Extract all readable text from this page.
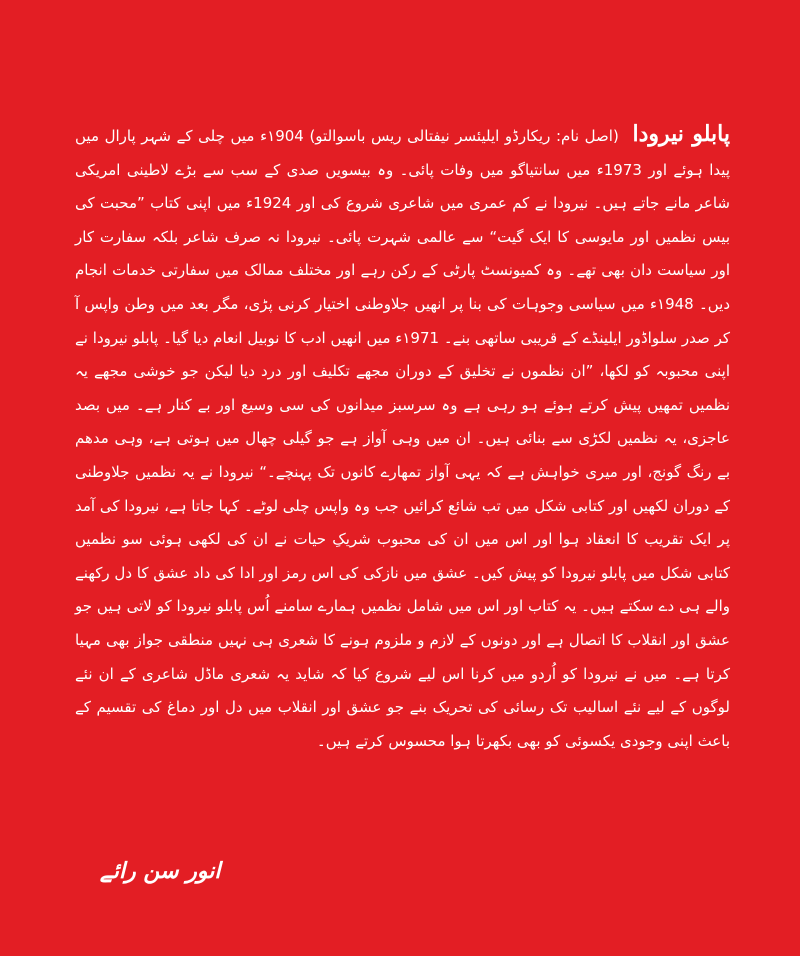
پابلو نیرودا (اصل نام: ریکارڈو ایلیئسر نیفتالی ریس باسوالتو) ۱904ء میں چلی کے شہر پارال میں پیدا ہوئے اور 1973ء میں سانتیاگو میں وفات پائی۔ وہ بیسویں صدی کے سب سے بڑے لاطینی امریکی شاعر مانے جاتے ہیں۔ نیرودا نے کم عمری میں شاعری شروع کی اور 1924ء میں اپنی کتاب ”محبت کی بیس نظمیں اور مایوسی کا ایک گیت“ سے عالمی شہرت پائی۔ نیرودا نہ صرف شاعر بلکہ سفارت کار اور سیاست دان بھی تھے۔ وہ کمیونسٹ پارٹی کے رکن رہے اور مختلف ممالک میں سفارتی خدمات انجام دیں۔ ۱948ء میں سیاسی وجوہات کی بنا پر انھیں جلاوطنی اختیار کرنی پڑی، مگر بعد میں وطن واپس آ کر صدر سلواڈور ایلینڈے کے قریبی ساتھی بنے۔ ۱971ء میں انھیں ادب کا نوبیل انعام دیا گیا۔ پابلو نیرودا نے اپنی محبوبہ کو لکھا، ”ان نظموں نے تخلیق کے دوران مجھے تکلیف اور درد دیا لیکن جو خوشی مجھے یہ نظمیں تمھیں پیش کرتے ہوئے ہو رہی ہے وہ سرسبز میدانوں کی سی وسیع اور بے کنار ہے۔ میں بصد عاجزی، یہ نظمیں لکڑی سے بنائی ہیں۔ ان میں وہی آواز ہے جو گیلی چھال میں ہوتی ہے، وہی مدھم بے رنگ گونج، اور میری خواہش ہے کہ یہی آواز تمھارے کانوں تک پہنچے۔“ نیرودا نے یہ نظمیں جلاوطنی کے دوران لکھیں اور کتابی شکل میں تب شائع کرائیں جب وہ واپس چلی لوٹے۔ کہا جاتا ہے، نیرودا کی آمد پر ایک تقریب کا انعقاد ہوا اور اس میں ان کی محبوب شریکِ حیات نے ان کی لکھی ہوئی سو نظمیں کتابی شکل میں پابلو نیرودا کو پیش کیں۔ عشق میں نازکی کی اس رمز اور ادا کی داد عشق کا دل رکھنے والے ہی دے سکتے ہیں۔ یہ کتاب اور اس میں شامل نظمیں ہمارے سامنے اُس پابلو نیرودا کو لاتی ہیں جو عشق اور انقلاب کا اتصال ہے اور دونوں کے لازم و ملزوم ہونے کا شعری ہی نہیں منطقی جواز بھی مہیا کرتا ہے۔ میں نے نیرودا کو اُردو میں کرنا اس لیے شروع کیا کہ شاید یہ شعری ماڈل شاعری کے ان نئے لوگوں کے لیے نئے اسالیب تک رسائی کی تحریک بنے جو عشق اور انقلاب میں دل اور دماغ کی تقسیم کے باعث اپنی وجودی یکسوئی کو بھی بکھرتا ہوا محسوس کرتے ہیں۔
انور سن رائے
